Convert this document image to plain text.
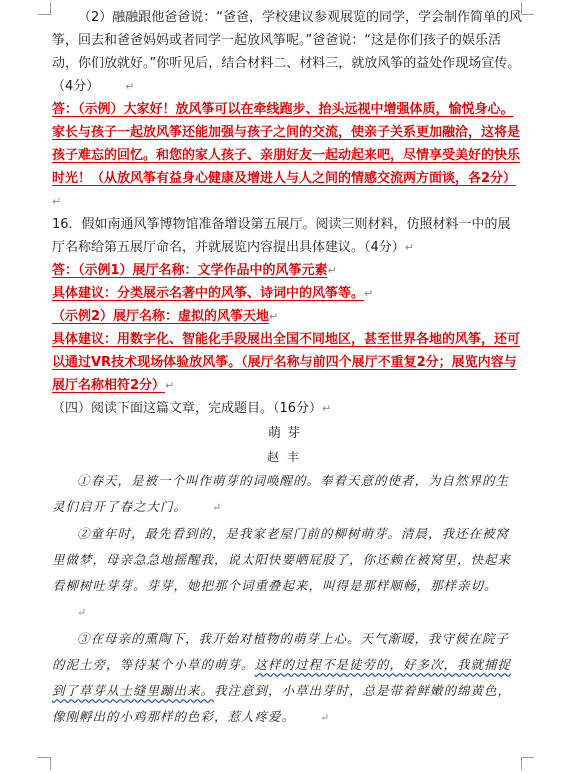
（2）融融跟他爸爸说：“爸爸，学校建议参观展览的同学，学会制作简单的风筝，回去和爸爸妈妈或者同学一起放风筝呢。”爸爸说：“这是你们孩子的娱乐活动，你们放就好。”你听见后，结合材料二、材料三，就放风筝的益处作现场宣传。（4分） ↵

答：（示例）大家好！放风筝可以在牵线跑步、抬头远视中增强体质，愉悦身心。家长与孩子一起放风筝还能加强与孩子之间的交流，使亲子关系更加融洽，这将是孩子难忘的回忆。和您的家人孩子、亲朋好友一起动起来吧，尽情享受美好的快乐时光！（从放风筝有益身心健康及增进人与人之间的情感交流两方面谈，各2分）↵

16．假如南通风筝博物馆准备增设第五展厅。阅读三则材料，仿照材料一中的展厅名称给第五展厅命名，并就展览内容提出具体建议。（4分）↵

答：（示例1）展厅名称：文学作品中的风筝元素↵

具体建议：分类展示名著中的风筝、诗词中的风筝等。↵

（示例2）展厅名称：虚拟的风筝天地↵

具体建议：用数字化、智能化手段展出全国不同地区，甚至世界各地的风筝，还可以通过VR技术现场体验放风筝。（展厅名称与前四个展厅不重复2分；展览内容与展厅名称相符2分）↵

（四）阅读下面这篇文章，完成题目。（16分）↵

萌芽

赵丰

①春天，是被一个叫作萌芽的词唤醒的。奉着天意的使者，为自然界的生灵们启开了春之大门。 ↵

②童年时，最先看到的，是我家老屋门前的柳树萌芽。清晨，我还在被窝里做梦，母亲急急地摇醒我，说太阳快要晒屁股了，你还赖在被窝里，快起来看柳树吐芽芽。芽芽，她把那个词重叠起来，叫得是那样顺畅，那样亲切。↵

③在母亲的熏陶下，我开始对植物的萌芽上心。天气渐暖，我守候在院子的泥土旁，等待某个小草的萌芽。这样的过程不是徒劳的，好多次，我就捕捉到了草芽从土缝里蹦出来。我注意到，小草出芽时，总是带着鲜嫩的绵黄色，像刚孵出的小鸡那样的色彩，惹人疼爱。 ↵
